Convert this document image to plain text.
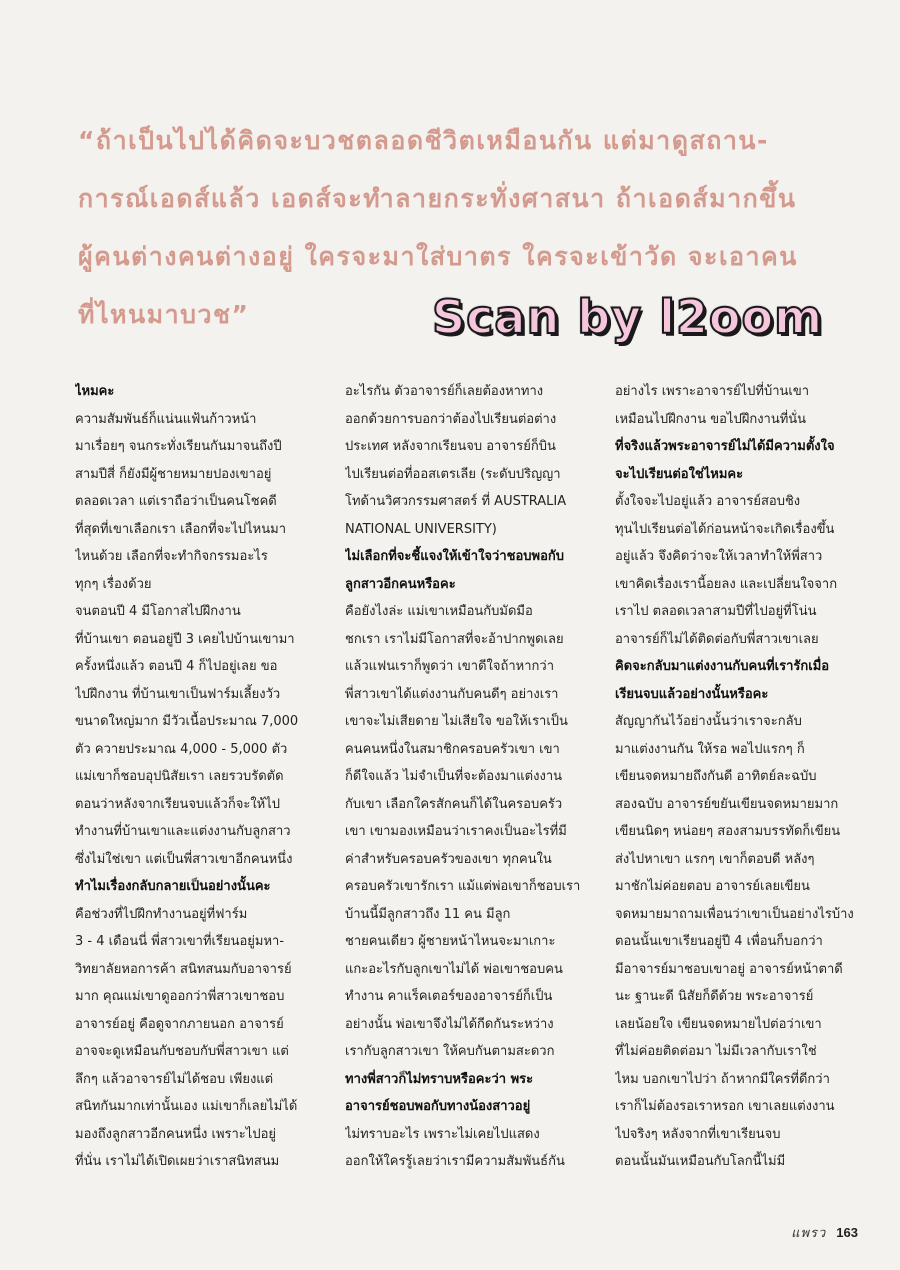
“ถ้าเป็นไปได้คิดจะบวชตลอดชีวิตเหมือนกัน แต่มาดูสถาน-
การณ์เอดส์แล้ว เอดส์จะทำลายกระทั่งศาสนา ถ้าเอดส์มากขึ้น
ผู้คนต่างคนต่างอยู่ ใครจะมาใส่บาตร ใครจะเข้าวัด จะเอาคน
ที่ไหนมาบวช”	Scan by l2oom
ไหมคะ
ความสัมพันธ์ก็แน่นแฟ้นก้าวหน้า
มาเรื่อยๆ จนกระทั่งเรียนกันมาจนถึงปี
สามปีสี่ ก็ยังมีผู้ชายหมายปองเขาอยู่
ตลอดเวลา แต่เราถือว่าเป็นคนโชคดี
ที่สุดที่เขาเลือกเรา เลือกที่จะไปไหนมา
ไหนด้วย เลือกที่จะทำกิจกรรมอะไร
ทุกๆ เรื่องด้วย
จนตอนปี 4 มีโอกาสไปฝึกงาน
ที่บ้านเขา ตอนอยู่ปี 3 เคยไปบ้านเขามา
ครั้งหนึ่งแล้ว ตอนปี 4 ก็ไปอยู่เลย ขอ
ไปฝึกงาน ที่บ้านเขาเป็นฟาร์มเลี้ยงวัว
ขนาดใหญ่มาก มีวัวเนื้อประมาณ 7,000
ตัว ควายประมาณ 4,000 - 5,000 ตัว
แม่เขาก็ชอบอุปนิสัยเรา เลยรวบรัดตัด
ตอนว่าหลังจากเรียนจบแล้วก็จะให้ไป
ทำงานที่บ้านเขาและแต่งงานกับลูกสาว
ซึ่งไม่ใช่เขา แต่เป็นพี่สาวเขาอีกคนหนึ่ง
ทำไมเรื่องกลับกลายเป็นอย่างนั้นคะ
คือช่วงที่ไปฝึกทำงานอยู่ที่ฟาร์ม
3 - 4 เดือนนี่ พี่สาวเขาที่เรียนอยู่มหา-
วิทยาลัยหอการค้า สนิทสนมกับอาจารย์
มาก คุณแม่เขาดูออกว่าพี่สาวเขาชอบ
อาจารย์อยู่ คือดูจากภายนอก อาจารย์
อาจจะดูเหมือนกับชอบกับพี่สาวเขา แต่
ลึกๆ แล้วอาจารย์ไม่ได้ชอบ เพียงแต่
สนิทกันมากเท่านั้นเอง แม่เขาก็เลยไม่ได้
มองถึงลูกสาวอีกคนหนึ่ง เพราะไปอยู่
ที่นั่น เราไม่ได้เปิดเผยว่าเราสนิทสนม
อะไรกัน ตัวอาจารย์ก็เลยต้องหาทาง
ออกด้วยการบอกว่าต้องไปเรียนต่อต่าง
ประเทศ หลังจากเรียนจบ อาจารย์ก็บิน
ไปเรียนต่อที่ออสเตรเลีย (ระดับปริญญา
โทด้านวิศวกรรมศาสตร์ ที่ AUSTRALIA
NATIONAL UNIVERSITY)
ไม่เลือกที่จะชี้แจงให้เข้าใจว่าชอบพอกับ
ลูกสาวอีกคนหรือคะ
คือยังไงล่ะ แม่เขาเหมือนกับมัดมือ
ชกเรา เราไม่มีโอกาสที่จะอ้าปากพูดเลย
แล้วแฟนเราก็พูดว่า เขาดีใจถ้าหากว่า
พี่สาวเขาได้แต่งงานกับคนดีๆ อย่างเรา
เขาจะไม่เสียดาย ไม่เสียใจ ขอให้เราเป็น
คนคนหนึ่งในสมาชิกครอบครัวเขา เขา
ก็ดีใจแล้ว ไม่จำเป็นที่จะต้องมาแต่งงาน
กับเขา เลือกใครสักคนก็ได้ในครอบครัว
เขา เขามองเหมือนว่าเราคงเป็นอะไรที่มี
ค่าสำหรับครอบครัวของเขา ทุกคนใน
ครอบครัวเขารักเรา แม้แต่พ่อเขาก็ชอบเรา
บ้านนี้มีลูกสาวถึง 11 คน มีลูก
ชายคนเดียว ผู้ชายหน้าไหนจะมาเกาะ
แกะอะไรกับลูกเขาไม่ได้ พ่อเขาชอบคน
ทำงาน คาแร็คเตอร์ของอาจารย์ก็เป็น
อย่างนั้น พ่อเขาจึงไม่ได้กีดกันระหว่าง
เรากับลูกสาวเขา ให้คบกันตามสะดวก
ทางพี่สาวก็ไม่ทราบหรือคะว่า พระ
อาจารย์ชอบพอกับทางน้องสาวอยู่
ไม่ทราบอะไร เพราะไม่เคยไปแสดง
ออกให้ใครรู้เลยว่าเรามีความสัมพันธ์กัน
อย่างไร เพราะอาจารย์ไปที่บ้านเขา
เหมือนไปฝึกงาน ขอไปฝึกงานที่นั่น
ที่จริงแล้วพระอาจารย์ไม่ได้มีความตั้งใจ
จะไปเรียนต่อใช่ไหมคะ
ตั้งใจจะไปอยู่แล้ว อาจารย์สอบชิง
ทุนไปเรียนต่อได้ก่อนหน้าจะเกิดเรื่องขึ้น
อยู่แล้ว จึงคิดว่าจะให้เวลาทำให้พี่สาว
เขาคิดเรื่องเรานี้อยลง และเปลี่ยนใจจาก
เราไป ตลอดเวลาสามปีที่ไปอยู่ที่โน่น
อาจารย์ก็ไม่ได้ติดต่อกับพี่สาวเขาเลย
คิดจะกลับมาแต่งงานกับคนที่เรารักเมื่อ
เรียนจบแล้วอย่างนั้นหรือคะ
สัญญากันไว้อย่างนั้นว่าเราจะกลับ
มาแต่งงานกัน ให้รอ พอไปแรกๆ ก็
เขียนจดหมายถึงกันดี อาทิตย์ละฉบับ
สองฉบับ อาจารย์ขยันเขียนจดหมายมาก
เขียนนิดๆ หน่อยๆ สองสามบรรทัดก็เขียน
ส่งไปหาเขา แรกๆ เขาก็ตอบดี หลังๆ
มาชักไม่ค่อยตอบ อาจารย์เลยเขียน
จดหมายมาถามเพื่อนว่าเขาเป็นอย่างไรบ้าง
ตอนนั้นเขาเรียนอยู่ปี 4 เพื่อนก็บอกว่า
มีอาจารย์มาชอบเขาอยู่ อาจารย์หน้าตาดี
นะ ฐานะดี นิสัยก็ดีด้วย พระอาจารย์
เลยน้อยใจ เขียนจดหมายไปต่อว่าเขา
ที่ไม่ค่อยติดต่อมา ไม่มีเวลากับเราใช่
ไหม บอกเขาไปว่า ถ้าหากมีใครที่ดีกว่า
เราก็ไม่ต้องรอเราหรอก เขาเลยแต่งงาน
ไปจริงๆ หลังจากที่เขาเรียนจบ
ตอนนั้นมันเหมือนกับโลกนี้ไม่มี
แพรว 163
